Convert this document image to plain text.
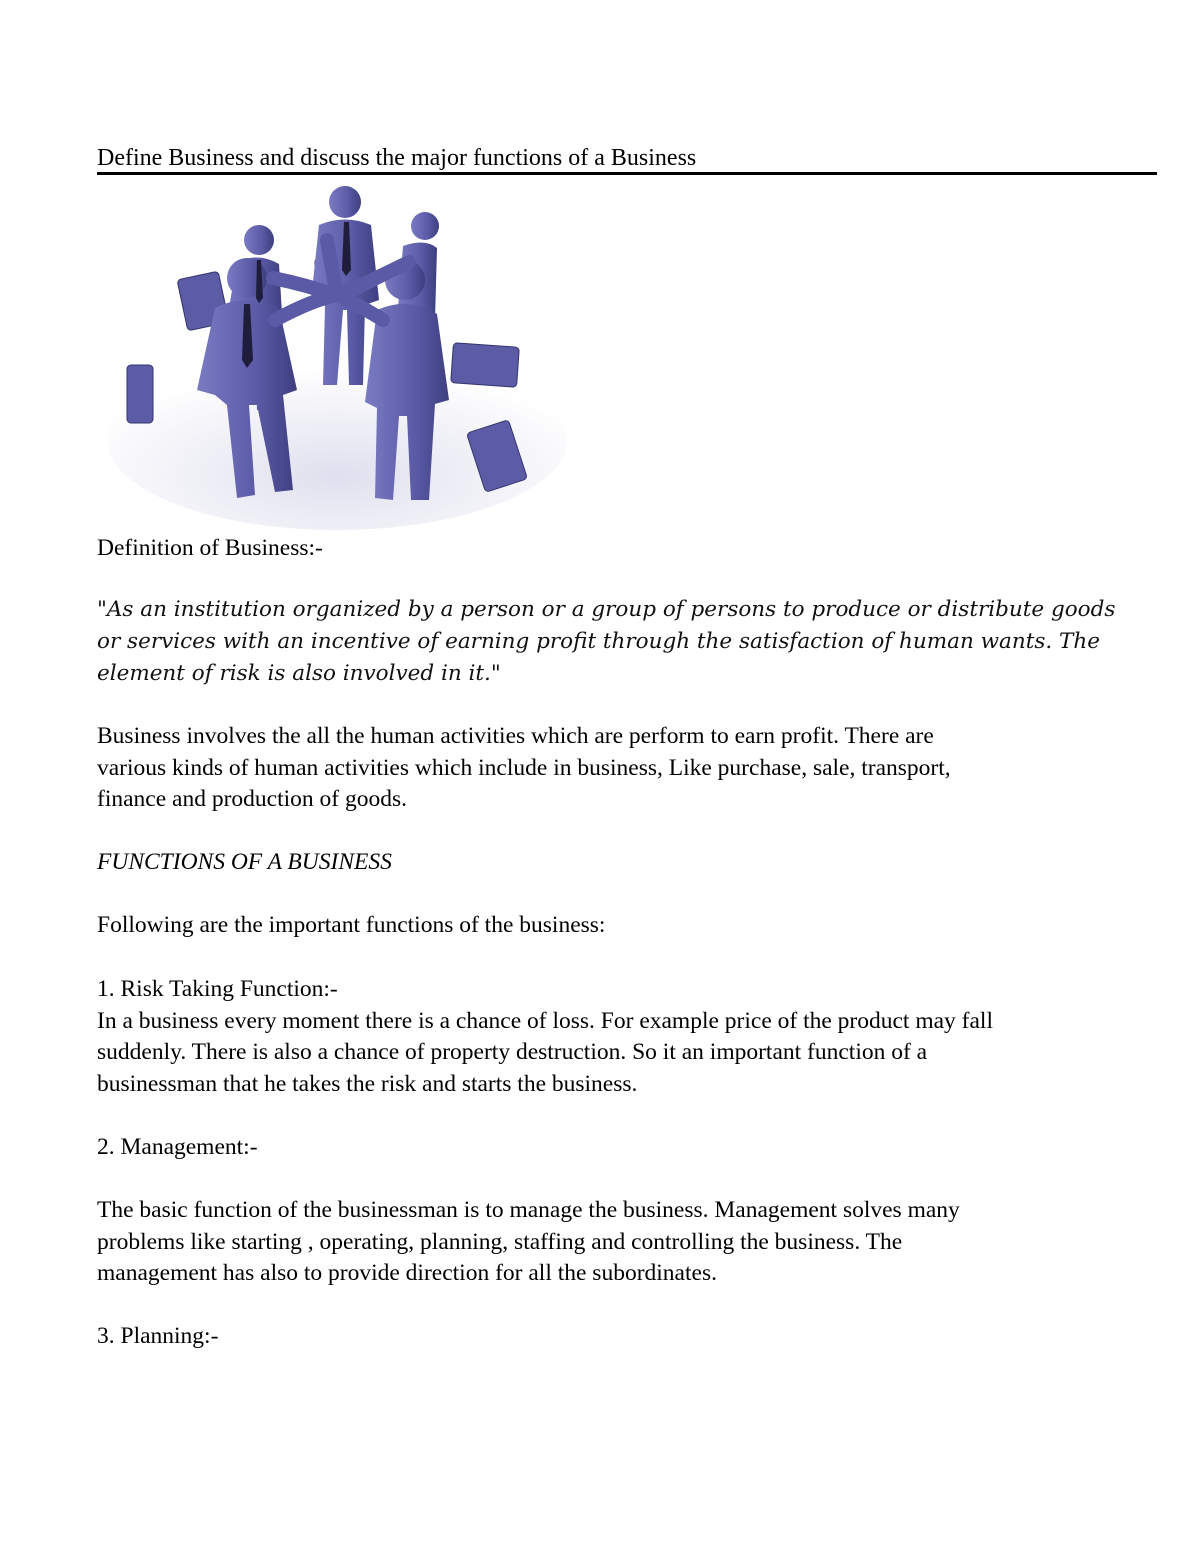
Define Business and discuss the major functions of a Business
Definition of Business:-
"As an institution organized by a person or a group of persons to produce or distribute goods
or services with an incentive of earning profit through the satisfaction of human wants. The
element of risk is also involved in it."
Business involves the all the human activities which are perform to earn profit. There are
various kinds of human activities which include in business, Like purchase, sale, transport,
finance and production of goods.
FUNCTIONS OF A BUSINESS
Following are the important functions of the business:
1. Risk Taking Function:-
In a business every moment there is a chance of loss. For example price of the product may fall
suddenly. There is also a chance of property destruction. So it an important function of a
businessman that he takes the risk and starts the business.
2. Management:-
The basic function of the businessman is to manage the business. Management solves many
problems like starting , operating, planning, staffing and controlling the business. The
management has also to provide direction for all the subordinates.
3. Planning:-
